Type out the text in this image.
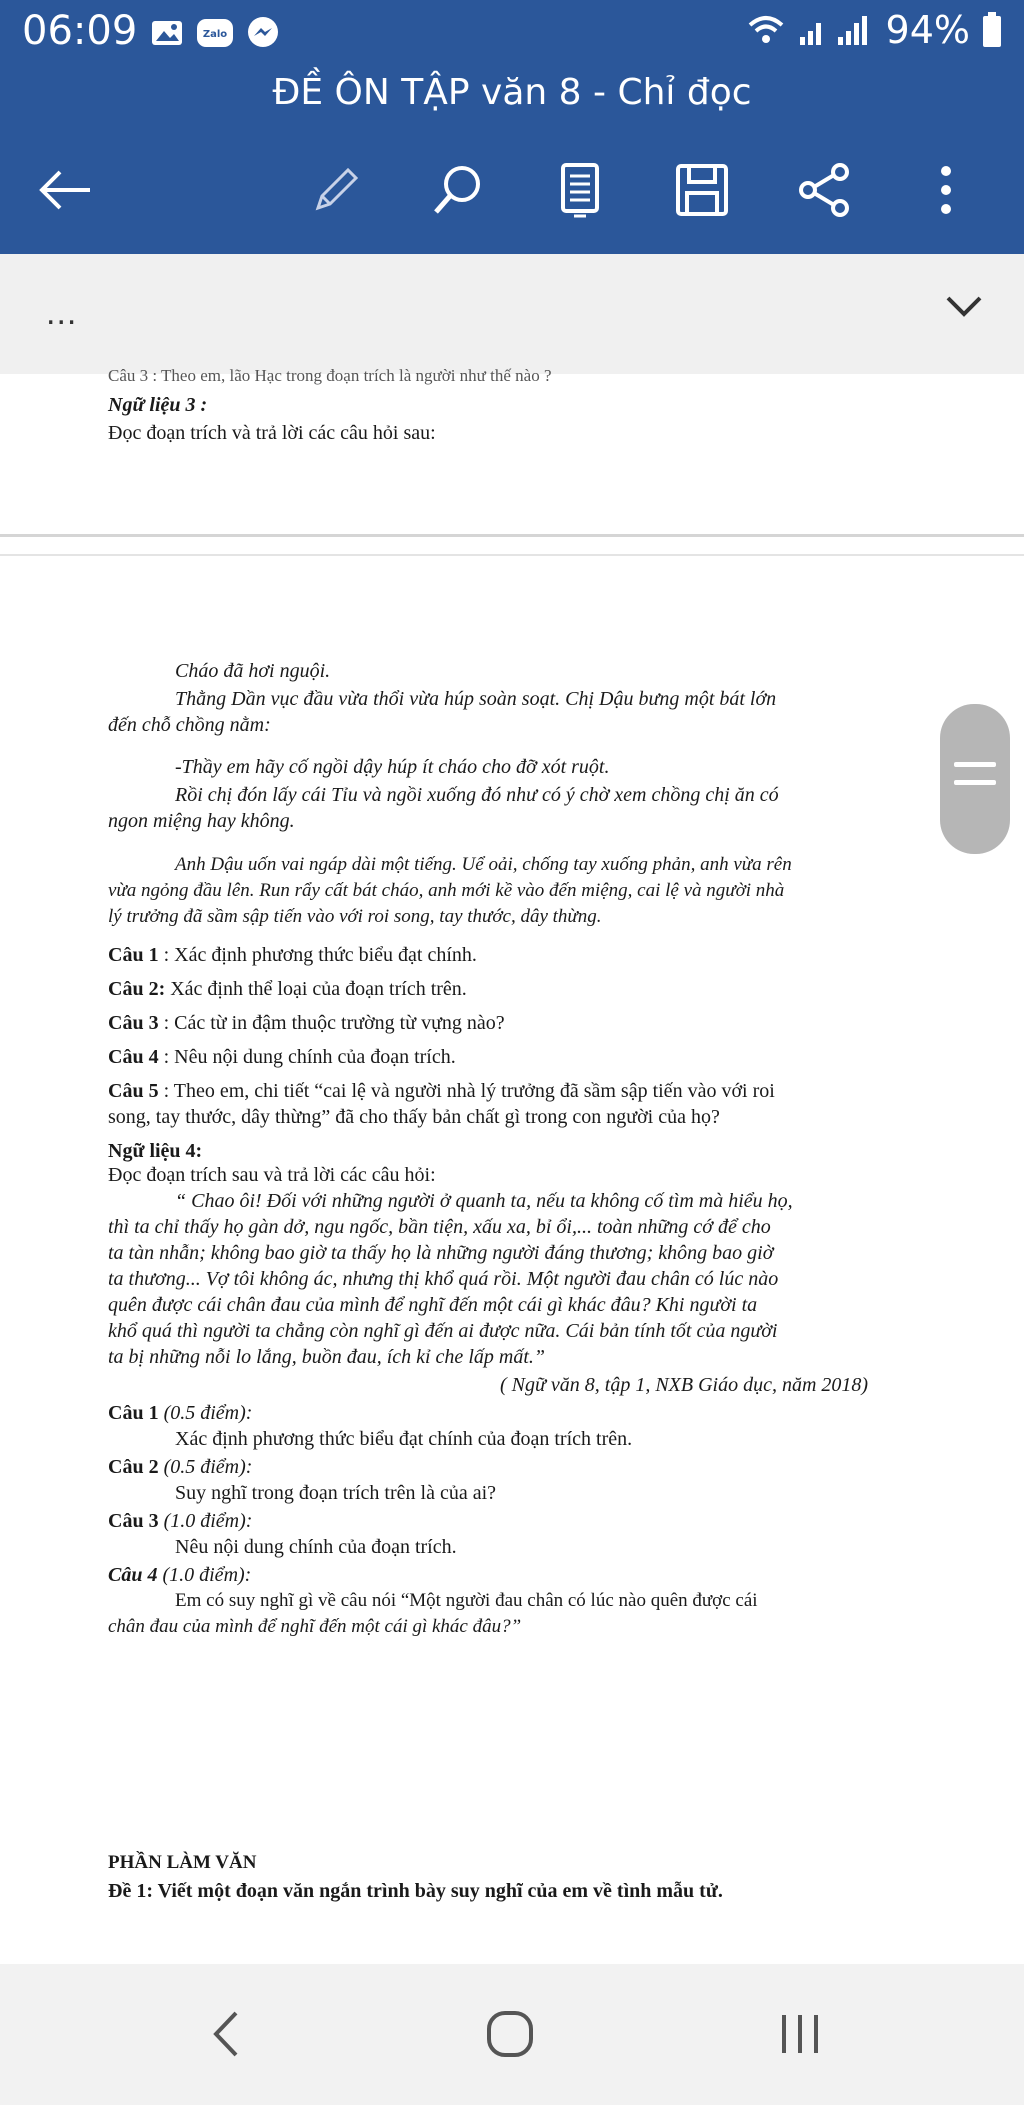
06:09	Zalo	94%
ĐỀ ÔN TẬP văn 8 - Chỉ đọc
...
Câu 3 : Theo em, lão Hạc trong đoạn trích là người như thế nào ?
Ngữ liệu 3 :
Đọc đoạn trích và trả lời các câu hỏi sau:
Cháo đã hơi nguội.
Thằng Dần vục đầu vừa thổi vừa húp soàn soạt. Chị Dậu bưng một bát lớn
đến chỗ chồng nằm:
-Thầy em hãy cố ngồi dậy húp ít cháo cho đỡ xót ruột.
Rồi chị đón lấy cái Tỉu và ngồi xuống đó như có ý chờ xem chồng chị ăn có
ngon miệng hay không.
Anh Dậu uốn vai ngáp dài một tiếng. Uể oải, chống tay xuống phản, anh vừa rên
vừa ngỏng đầu lên. Run rẩy cất bát cháo, anh mới kề vào đến miệng, cai lệ và người nhà
lý trưởng đã sầm sập tiến vào với roi song, tay thước, dây thừng.
Câu 1 : Xác định phương thức biểu đạt chính.
Câu 2: Xác định thể loại của đoạn trích trên.
Câu 3 : Các từ in đậm thuộc trường từ vựng nào?
Câu 4 : Nêu nội dung chính của đoạn trích.
Câu 5 : Theo em, chi tiết “cai lệ và người nhà lý trưởng đã sầm sập tiến vào với roi
song, tay thước, dây thừng” đã cho thấy bản chất gì trong con người của họ?
Ngữ liệu 4:
Đọc đoạn trích sau và trả lời các câu hỏi:
“ Chao ôi! Đối với những người ở quanh ta, nếu ta không cố tìm mà hiểu họ,
thì ta chỉ thấy họ gàn dở, ngu ngốc, bần tiện, xấu xa, bỉ ổi,... toàn những cớ để cho
ta tàn nhẫn; không bao giờ ta thấy họ là những người đáng thương; không bao giờ
ta thương... Vợ tôi không ác, nhưng thị khổ quá rồi. Một người đau chân có lúc nào
quên được cái chân đau của mình để nghĩ đến một cái gì khác đâu? Khi người ta
khổ quá thì người ta chẳng còn nghĩ gì đến ai được nữa. Cái bản tính tốt của người
ta bị những nỗi lo lắng, buồn đau, ích kỉ che lấp mất.”
( Ngữ văn 8, tập 1, NXB Giáo dục, năm 2018)
Câu 1 (0.5 điểm):
Xác định phương thức biểu đạt chính của đoạn trích trên.
Câu 2 (0.5 điểm):
Suy nghĩ trong đoạn trích trên là của ai?
Câu 3 (1.0 điểm):
Nêu nội dung chính của đoạn trích.
Câu 4 (1.0 điểm):
Em có suy nghĩ gì về câu nói “Một người đau chân có lúc nào quên được cái
chân đau của mình để nghĩ đến một cái gì khác đâu?”
PHẦN LÀM VĂN
Đề 1: Viết một đoạn văn ngắn trình bày suy nghĩ của em về tình mẫu tử.
